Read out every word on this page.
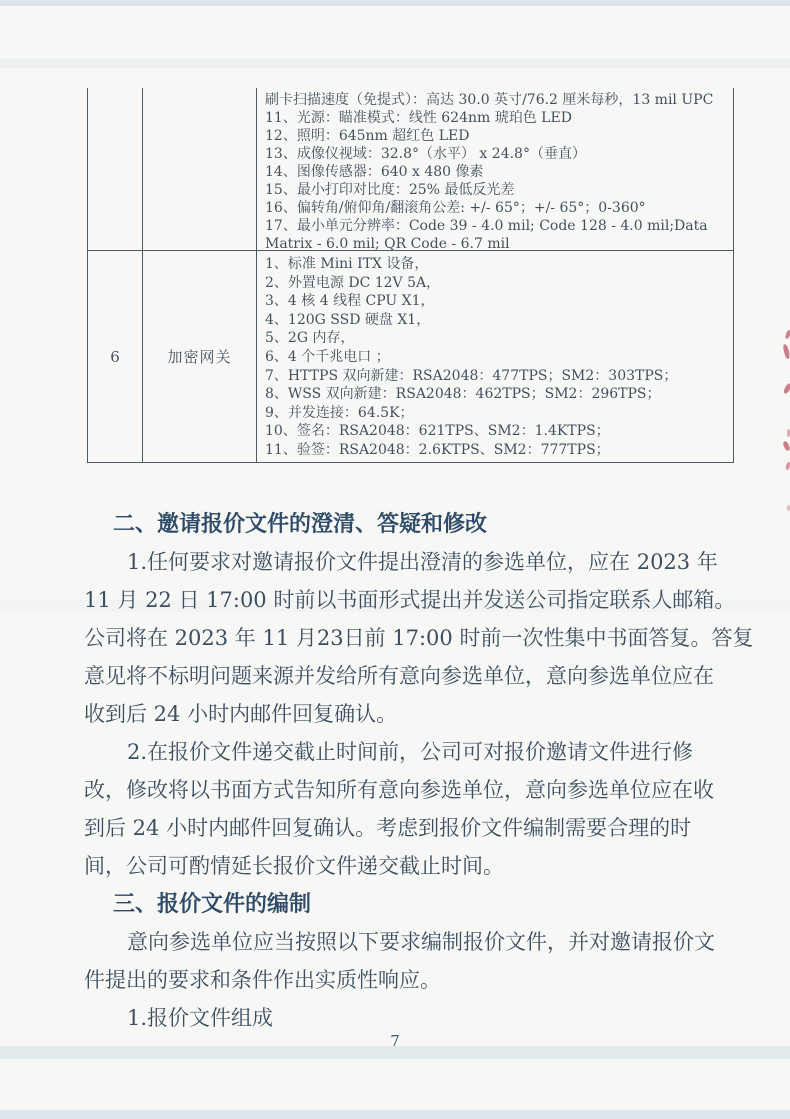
刷卡扫描速度（免提式）：高达 30.0 英寸/76.2 厘米每秒，13 mil UPC
11、光源：瞄准模式：线性 624nm 琥珀色 LED
12、照明：645nm 超红色 LED
13、成像仪视域：32.8°（水平） x 24.8°（垂直）
14、图像传感器：640 x 480 像素
15、最小打印对比度：25% 最低反光差
16、偏转角/俯仰角/翻滚角公差: +/- 65°；+/- 65°；0-360°
17、最小单元分辨率：Code 39 - 4.0 mil; Code 128 - 4.0 mil;Data
Matrix - 6.0 mil; QR Code - 6.7 mil
6	加密网关
1、标准 Mini ITX 设备，
2、外置电源 DC 12V 5A，
3、4 核 4 线程 CPU X1，
4、120G SSD 硬盘 X1，
5、2G 内存，
6、4 个千兆电口 ；
7、HTTPS 双向新建：RSA2048：477TPS；SM2：303TPS；
8、WSS 双向新建：RSA2048：462TPS；SM2：296TPS；
9、并发连接：64.5K；
10、签名：RSA2048：621TPS、SM2：1.4KTPS；
11、验签：RSA2048：2.6KTPS、SM2：777TPS；
二、邀请报价文件的澄清、答疑和修改
1.任何要求对邀请报价文件提出澄清的参选单位，应在 2023 年
11 月 22 日 17:00 时前以书面形式提出并发送公司指定联系人邮箱。
公司将在 2023 年 11 月23日前 17:00 时前一次性集中书面答复。答复
意见将不标明问题来源并发给所有意向参选单位，意向参选单位应在
收到后 24 小时内邮件回复确认。
2.在报价文件递交截止时间前，公司可对报价邀请文件进行修
改，修改将以书面方式告知所有意向参选单位，意向参选单位应在收
到后 24 小时内邮件回复确认。考虑到报价文件编制需要合理的时
间，公司可酌情延长报价文件递交截止时间。
三、报价文件的编制
意向参选单位应当按照以下要求编制报价文件，并对邀请报价文
件提出的要求和条件作出实质性响应。
1.报价文件组成
7
